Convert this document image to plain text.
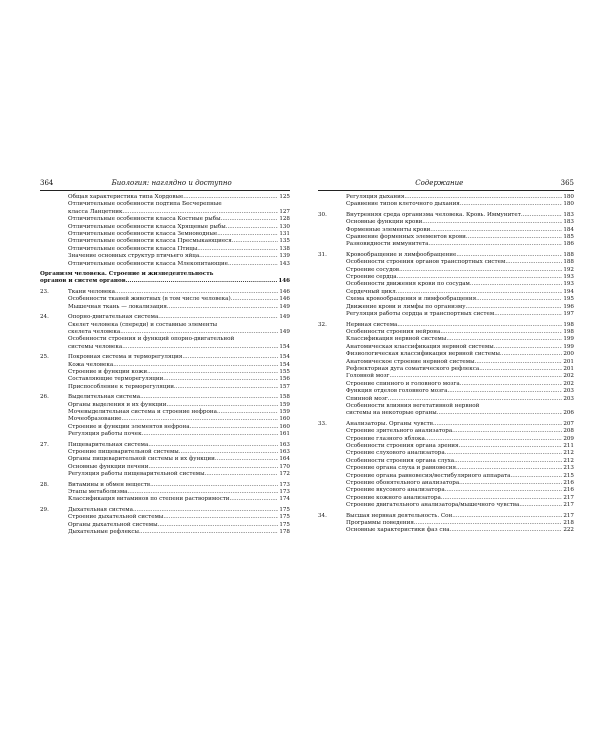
364	Биология: наглядно и доступно	Содержание	365
Общая характеристика типа Хордовые .....	125
Отличительные особенности подтипа Бесчерепные
класса Ланцетник .....	127
Отличительные особенности класса Костные рыбы .....	128
Отличительные особенности класса Хрящевые рыбы .....	130
Отличительные особенности класса Земноводные .....	131
Отличительные особенности класса Пресмыкающиеся .....	135
Отличительные особенности класса Птицы .....	138
Значение основных структур птичьего яйца .....	139
Отличительные особенности класса Млекопитающие .....	143
Организм человека. Строение и жизнедеятельность
органов и систем органов .....	146
23.	Ткани человека .....	146
Особенности тканей животных (в том числе человека) .....	146
Мышечная ткань — локализация .....	149
24.	Опорно-двигательная система .....	149
Скелет человека (спереди) и составные элементы
скелета человека .....	149
Особенности строения и функций опорно-двигательной
системы человека .....	154
25.	Покровная система и терморегуляция .....	154
Кожа человека .....	154
Строение и функции кожи .....	155
Составляющие терморегуляции .....	156
Приспособление к терморегуляции .....	157
26.	Выделительная система .....	158
Органы выделения и их функции .....	159
Мочевыделительная система и строение нефрона .....	159
Мочеобразование .....	160
Строение и функции элементов нефрона .....	160
Регуляция работы почек .....	161
27.	Пищеварительная система .....	163
Строение пищеварительной системы .....	163
Органы пищеварительной системы и их функции .....	164
Основные функции печени .....	170
Регуляция работы пищеварительной системы .....	172
28.	Витамины и обмен веществ .....	173
Этапы метаболизма .....	173
Классификация витаминов по степени растворимости .....	174
29.	Дыхательная система .....	175
Строение дыхательной системы .....	175
Органы дыхательной системы .....	175
Дыхательные рефлексы .....	178
Регуляция дыхания .....	180
Сравнение типов клеточного дыхания .....	180
30.	Внутренняя среда организма человека. Кровь. Иммунитет .....	183
Основные функции крови .....	183
Форменные элементы крови .....	184
Сравнение форменных элементов крови .....	185
Разновидности иммунитета .....	186
31.	Кровообращение и лимфообращение .....	188
Особенности строения органов транспортных систем .....	188
Строение сосудов .....	192
Строение сердца .....	193
Особенности движения крови по сосудам .....	193
Сердечный цикл .....	194
Схема кровообращения и лимфообращения .....	195
Движение крови и лимфы по организму .....	196
Регуляция работы сердца и транспортных систем .....	197
32.	Нервная система .....	198
Особенности строения нейрона .....	198
Классификация нервной системы .....	199
Анатомическая классификация нервной системы .....	199
Физиологическая классификация нервной системы .....	200
Анатомическое строение нервной системы .....	201
Рефлекторная дуга соматического рефлекса .....	201
Головной мозг .....	202
Строение спинного и головного мозга .....	202
Функция отделов головного мозга .....	203
Спинной мозг .....	203
Особенности влияния вегетативной нервной
системы на некоторые органы .....	206
33.	Анализаторы. Органы чувств .....	207
Строение зрительного анализатора .....	208
Строение глазного яблока .....	209
Особенности строения органа зрения .....	211
Строение слухового анализатора .....	212
Особенности строения органа слуха .....	212
Строение органа слуха и равновесия .....	213
Строение органа равновесия/вестибулярного аппарата .....	215
Строение обонятельного анализатора .....	216
Строение вкусового анализатора .....	216
Строение кожного анализатора .....	217
Строение двигательного анализатора/мышечного чувства .....	217
34.	Высшая нервная деятельность. Сон .....	217
Программы поведения .....	218
Основные характеристики фаз сна .....	222
